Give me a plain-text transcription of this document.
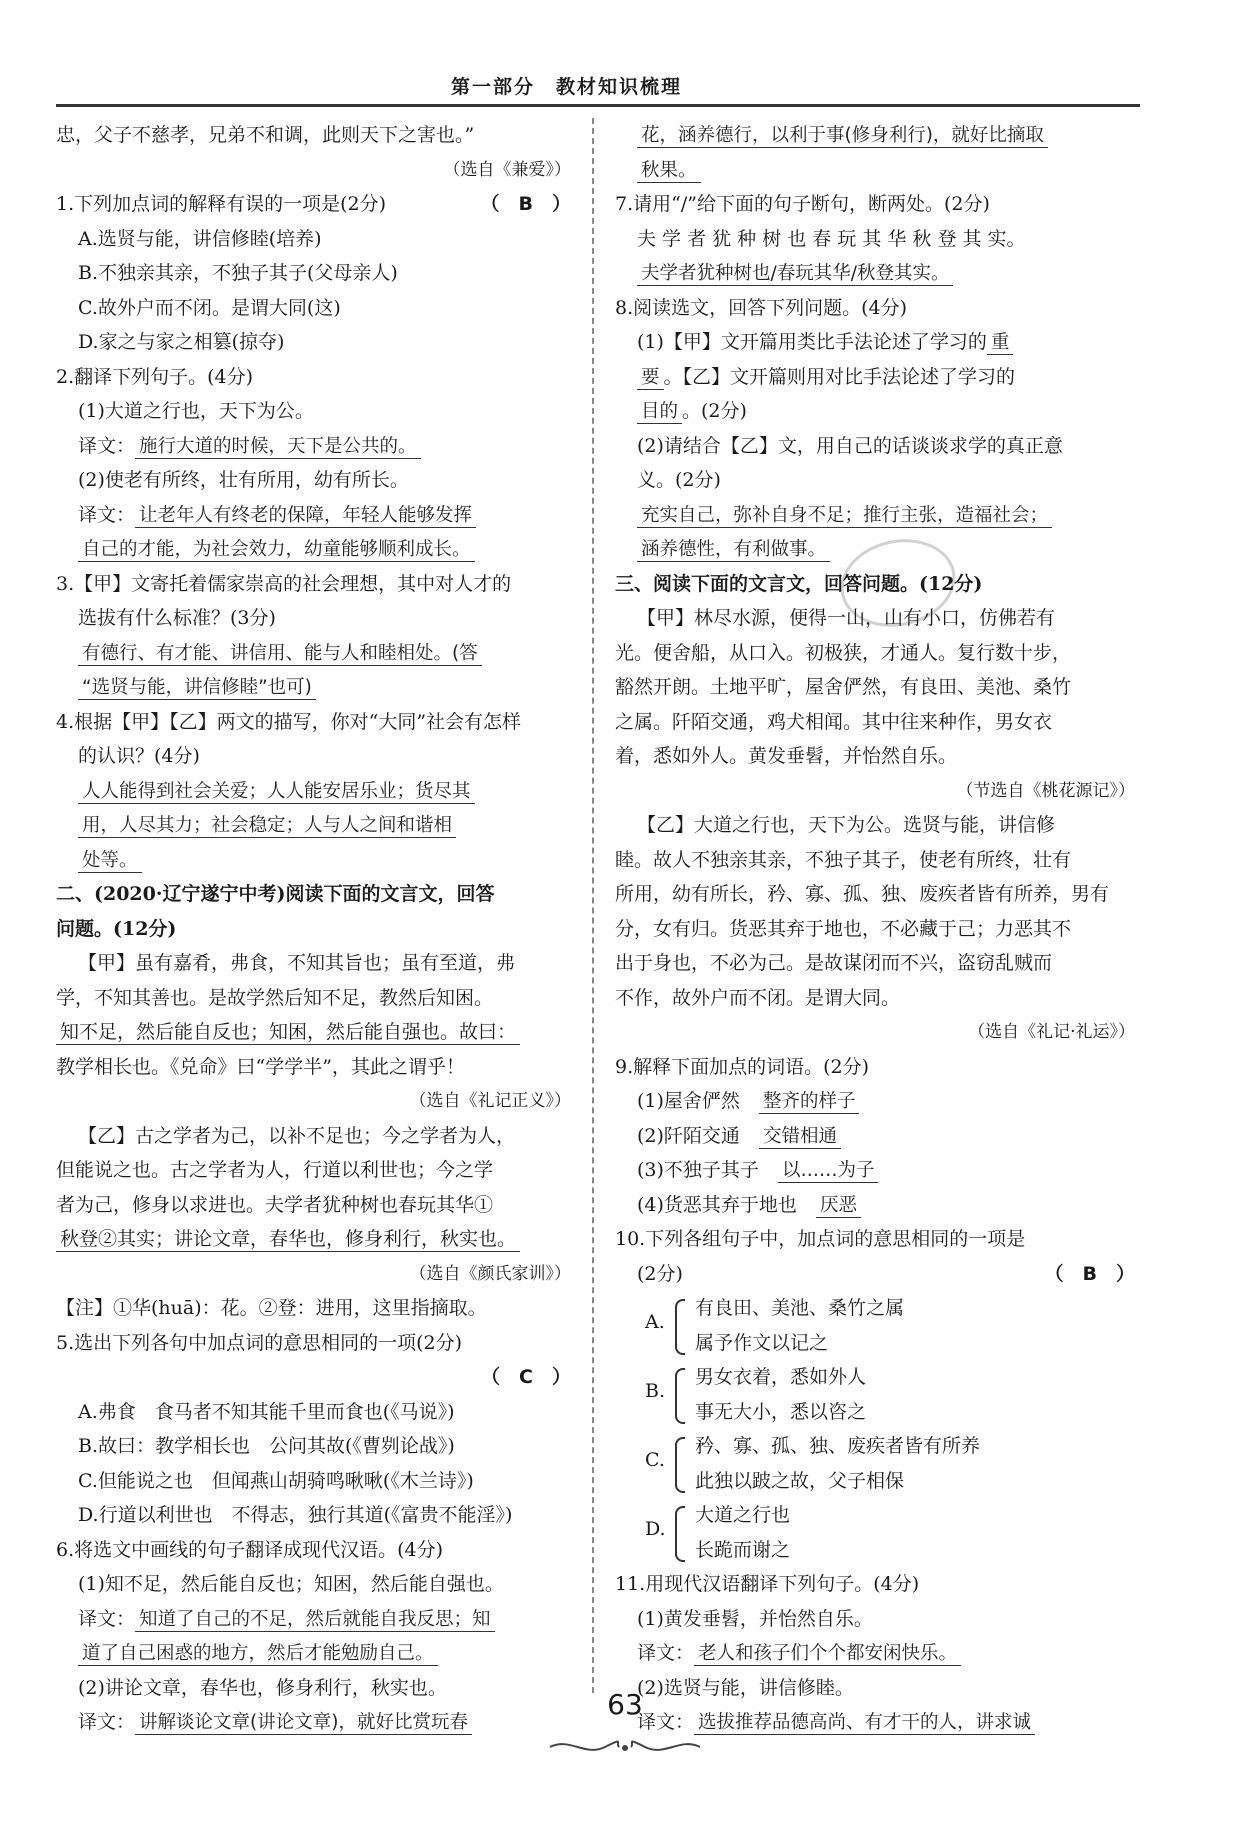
第一部分　教材知识梳理
忠，父子不慈孝，兄弟不和调，此则天下之害也。”
（选自《兼爱》）
1.下列加点词的解释有误的一项是(2分)	（　B　）
A.选贤与能，讲信修睦(培养)
B.不独亲其亲，不独子其子(父母亲人)
C.故外户而不闭。是谓大同(这)
D.家之与家之相篡(掠夺)
2.翻译下列句子。(4分)
(1)大道之行也，天下为公。
译文： 施行大道的时候，天下是公共的。
(2)使老有所终，壮有所用，幼有所长。
译文： 让老年人有终老的保障，年轻人能够发挥
自己的才能，为社会效力，幼童能够顺利成长。
3.【甲】文寄托着儒家崇高的社会理想，其中对人才的
选拔有什么标准？(3分)
有德行、有才能、讲信用、能与人和睦相处。(答
“选贤与能，讲信修睦”也可)
4.根据【甲】【乙】两文的描写，你对“大同”社会有怎样
的认识？(4分)
人人能得到社会关爱；人人能安居乐业；货尽其
用，人尽其力；社会稳定；人与人之间和谐相
处等。
二、(2020·辽宁遂宁中考)阅读下面的文言文，回答
问题。(12分)
【甲】虽有嘉肴，弗食，不知其旨也；虽有至道，弗
学，不知其善也。是故学然后知不足，教然后知困。
知不足，然后能自反也；知困，然后能自强也。故曰：
教学相长也。《兑命》曰“学学半”，其此之谓乎！
（选自《礼记正义》）
【乙】古之学者为己，以补不足也；今之学者为人，
但能说之也。古之学者为人，行道以利世也；今之学
者为己，修身以求进也。夫学者犹种树也春玩其华①
秋登②其实；讲论文章，春华也，修身利行，秋实也。
（选自《颜氏家训》）
【注】①华(huā)：花。②登：进用，这里指摘取。
5.选出下列各句中加点词的意思相同的一项(2分)
（　C　）
A.弗食　食马者不知其能千里而食也(《马说》)
B.故曰：教学相长也　公问其故(《曹刿论战》)
C.但能说之也　但闻燕山胡骑鸣啾啾(《木兰诗》)
D.行道以利世也　不得志，独行其道(《富贵不能淫》)
6.将选文中画线的句子翻译成现代汉语。(4分)
(1)知不足，然后能自反也；知困，然后能自强也。
译文： 知道了自己的不足，然后就能自我反思；知
道了自己困惑的地方，然后才能勉励自己。
(2)讲论文章，春华也，修身利行，秋实也。
译文： 讲解谈论文章(讲论文章)，就好比赏玩春
花，涵养德行，以利于事(修身利行)，就好比摘取
秋果。
7.请用“/”给下面的句子断句，断两处。(2分)
夫 学 者 犹 种 树 也 春 玩 其 华 秋 登 其 实。
夫学者犹种树也/春玩其华/秋登其实。
8.阅读选文，回答下列问题。(4分)
(1)【甲】文开篇用类比手法论述了学习的 重
要 。【乙】文开篇则用对比手法论述了学习的
目的 。(2分)
(2)请结合【乙】文，用自己的话谈谈求学的真正意
义。(2分)
充实自己，弥补自身不足；推行主张，造福社会；
涵养德性，有利做事。
三、阅读下面的文言文，回答问题。(12分)
【甲】林尽水源，便得一山，山有小口，仿佛若有
光。便舍船，从口入。初极狭，才通人。复行数十步，
豁然开朗。土地平旷，屋舍俨然，有良田、美池、桑竹
之属。阡陌交通，鸡犬相闻。其中往来种作，男女衣
着，悉如外人。黄发垂髫，并怡然自乐。
（节选自《桃花源记》）
【乙】大道之行也，天下为公。选贤与能，讲信修
睦。故人不独亲其亲，不独子其子，使老有所终，壮有
所用，幼有所长，矜、寡、孤、独、废疾者皆有所养，男有
分，女有归。货恶其弃于地也，不必藏于己；力恶其不
出于身也，不必为己。是故谋闭而不兴，盗窃乱贼而
不作，故外户而不闭。是谓大同。
（选自《礼记·礼运》）
9.解释下面加点的词语。(2分)
(1)屋舍俨然　 整齐的样子
(2)阡陌交通　 交错相通
(3)不独子其子　 以……为子
(4)货恶其弃于地也　 厌恶
10.下列各组句子中，加点词的意思相同的一项是
(2分)	（　B　）
A.
有良田、美池、桑竹之属
属予作文以记之
B.
男女衣着，悉如外人
事无大小，悉以咨之
C.
矜、寡、孤、独、废疾者皆有所养
此独以跛之故，父子相保
D.
大道之行也
长跪而谢之
11.用现代汉语翻译下列句子。(4分)
(1)黄发垂髫，并怡然自乐。
译文： 老人和孩子们个个都安闲快乐。
(2)选贤与能，讲信修睦。
译文： 选拔推荐品德高尚、有才干的人，讲求诚
63
